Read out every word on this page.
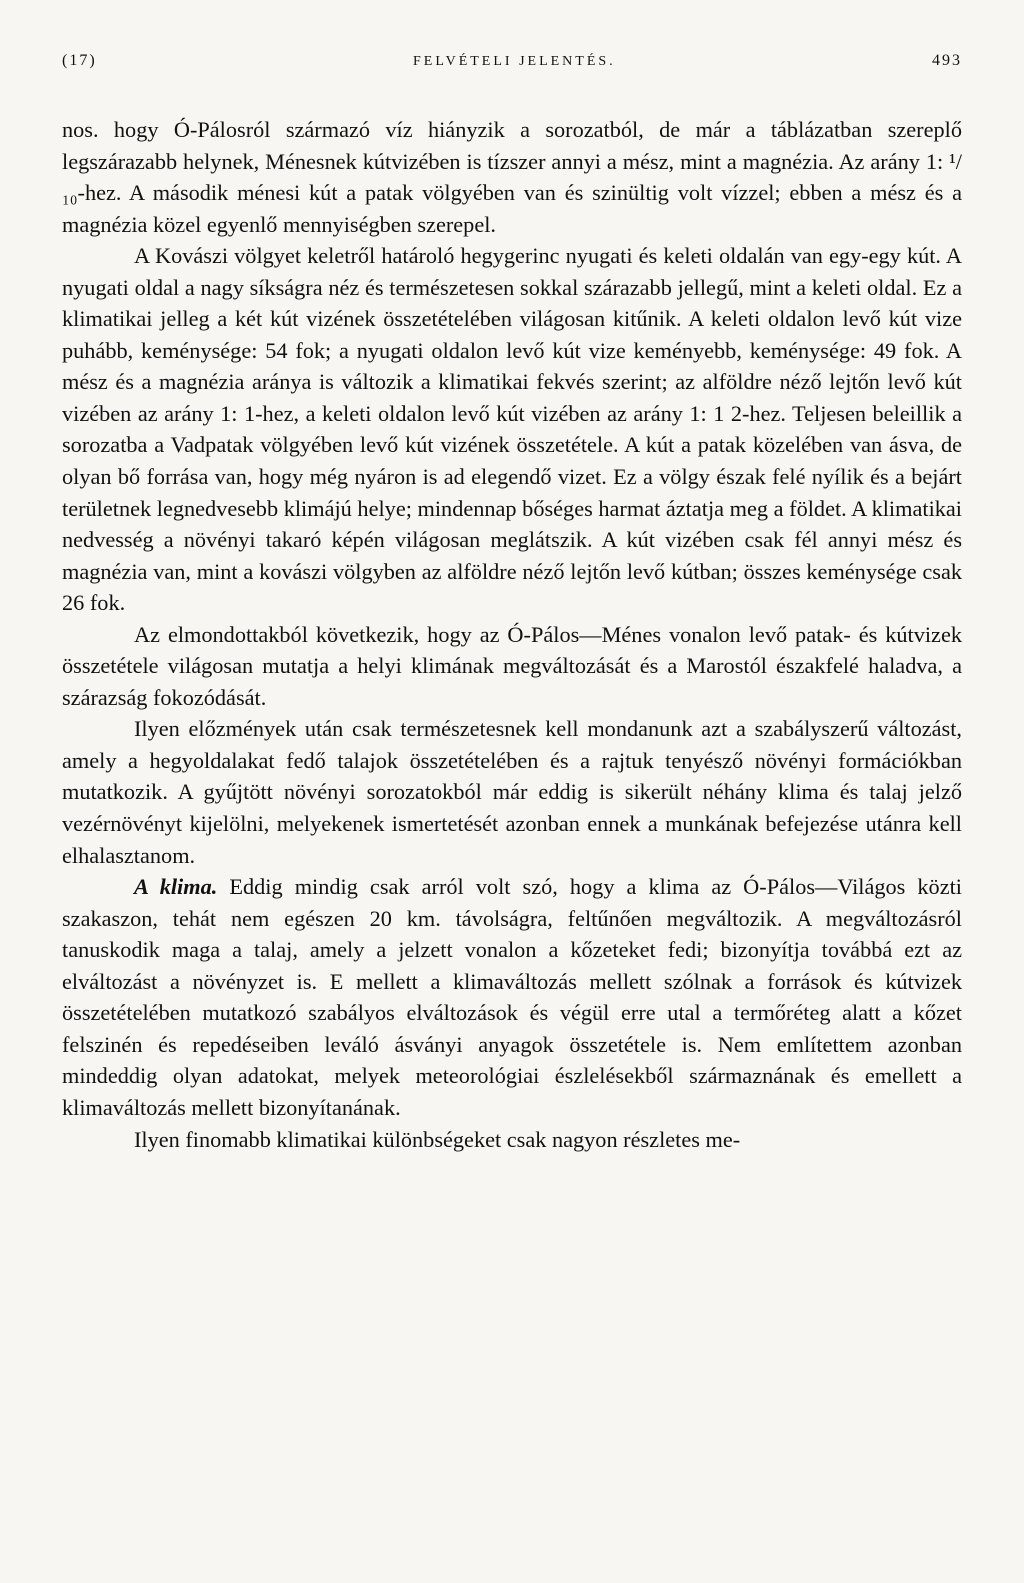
(17)	FELVÉTELI JELENTÉS.	493

nos. hogy Ó-Pálosról származó víz hiányzik a sorozatból, de már a táblázatban szereplő legszárazabb helynek, Ménesnek kútvizében is tízszer annyi a mész, mint a magnézia. Az arány 1: ¹/₁₀-hez. A második ménesi kút a patak völgyében van és szinültig volt vízzel; ebben a mész és a magnézia közel egyenlő mennyiségben szerepel.

A Kovászi völgyet keletről határoló hegygerinc nyugati és keleti oldalán van egy-egy kút. A nyugati oldal a nagy síkságra néz és természetesen sokkal szárazabb jellegű, mint a keleti oldal. Ez a klimatikai jelleg a két kút vizének összetételében világosan kitűnik. A keleti oldalon levő kút vize puhább, keménysége: 54 fok; a nyugati oldalon levő kút vize keményebb, keménysége: 49 fok. A mész és a magnézia aránya is változik a klimatikai fekvés szerint; az alföldre néző lejtőn levő kút vizében az arány 1: 1-hez, a keleti oldalon levő kút vizében az arány 1: 1 2-hez. Teljesen beleillik a sorozatba a Vadpatak völgyében levő kút vizének összetétele. A kút a patak közelében van ásva, de olyan bő forrása van, hogy még nyáron is ad elegendő vizet. Ez a völgy észak felé nyílik és a bejárt területnek legnedvesebb klimájú helye; mindennap bőséges harmat áztatja meg a földet. A klimatikai nedvesség a növényi takaró képén világosan meglátszik. A kút vizében csak fél annyi mész és magnézia van, mint a kovászi völgyben az alföldre néző lejtőn levő kútban; összes keménysége csak 26 fok.

Az elmondottakból következik, hogy az Ó-Pálos—Ménes vonalon levő patak- és kútvizek összetétele világosan mutatja a helyi klimának megváltozását és a Marostól északfelé haladva, a szárazság fokozódását.

Ilyen előzmények után csak természetesnek kell mondanunk azt a szabályszerű változást, amely a hegyoldalakat fedő talajok összetételében és a rajtuk tenyésző növényi formációkban mutatkozik. A gyűjtött növényi sorozatokból már eddig is sikerült néhány klima és talaj jelző vezérnövényt kijelölni, melyekenek ismertetését azonban ennek a munkának befejezése utánra kell elhalasztanom.

A klima. Eddig mindig csak arról volt szó, hogy a klima az Ó-Pálos—Világos közti szakaszon, tehát nem egészen 20 km. távolságra, feltűnően megváltozik. A megváltozásról tanuskodik maga a talaj, amely a jelzett vonalon a kőzeteket fedi; bizonyítja továbbá ezt az elváltozást a növényzet is. E mellett a klimaváltozás mellett szólnak a források és kútvizek összetételében mutatkozó szabályos elváltozások és végül erre utal a termőréteg alatt a kőzet felszinén és repedéseiben leváló ásványi anyagok összetétele is. Nem említettem azonban mindeddig olyan adatokat, melyek meteorológiai észlelésekből származnának és emellett a klimaváltozás mellett bizonyítanának.

Ilyen finomabb klimatikai különbségeket csak nagyon részletes me-
